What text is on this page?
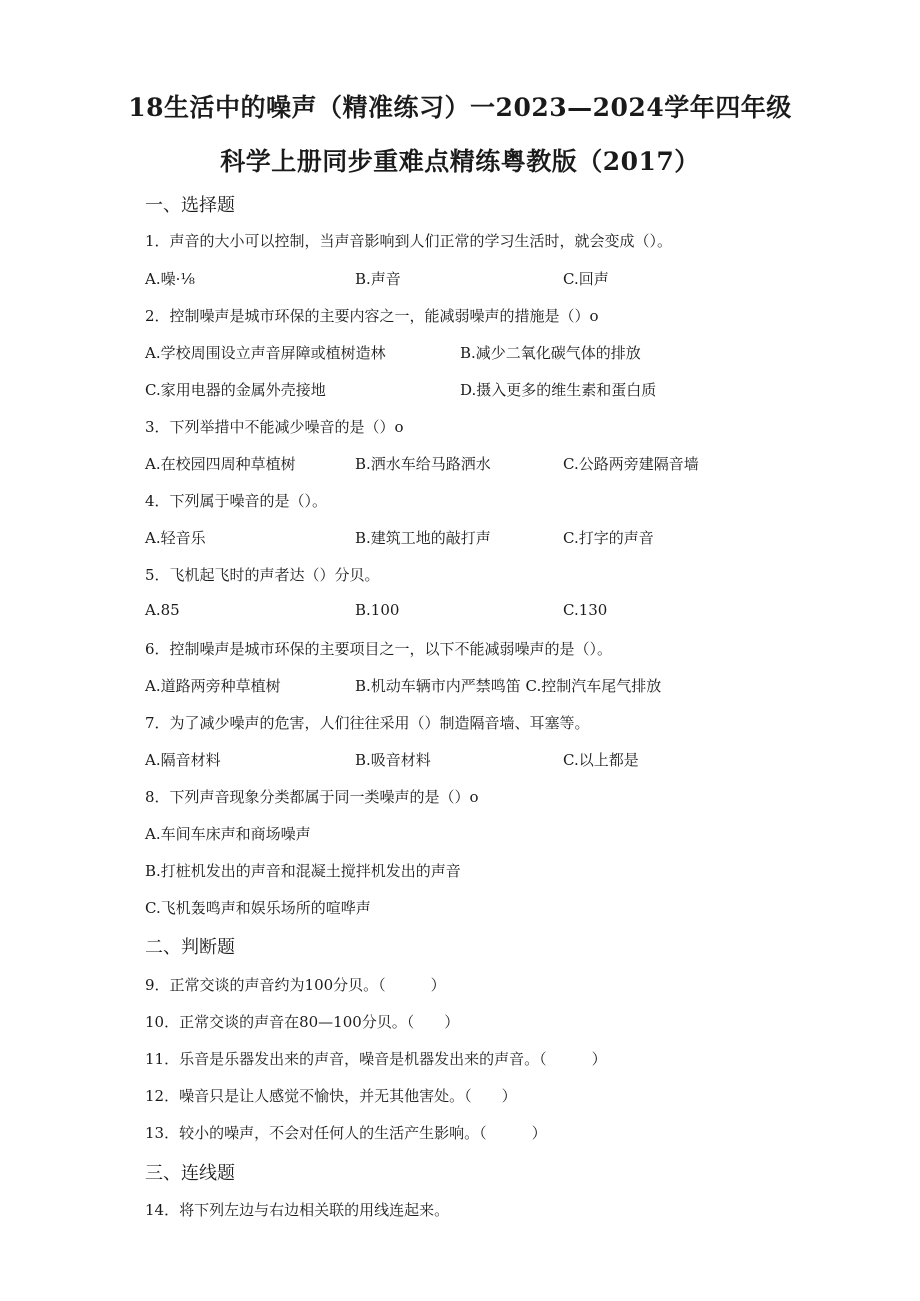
18生活中的噪声（精准练习）一2023—2024学年四年级
科学上册同步重难点精练粤教版（2017）
一、选择题
1．声音的大小可以控制，当声音影响到人们正常的学习生活时，就会变成（）。
A.噪·⅛	B.声音	C.回声
2．控制噪声是城市环保的主要内容之一，能减弱噪声的措施是（）o
A.学校周围设立声音屏障或植树造林	B.减少二氧化碳气体的排放
C.家用电器的金属外壳接地	D.摄入更多的维生素和蛋白质
3．下列举措中不能减少噪音的是（）o
A.在校园四周种草植树	B.洒水车给马路洒水	C.公路两旁建隔音墙
4．下列属于噪音的是（）。
A.轻音乐	B.建筑工地的敲打声	C.打字的声音
5．飞机起飞时的声者达（）分贝。
A.85	B.100	C.130
6．控制噪声是城市环保的主要项目之一，以下不能减弱噪声的是（）。
A.道路两旁种草植树	B.机动车辆市内严禁鸣笛 C.控制汽车尾气排放
7．为了减少噪声的危害，人们往往采用（）制造隔音墙、耳塞等。
A.隔音材料	B.吸音材料	C.以上都是
8．下列声音现象分类都属于同一类噪声的是（）o
A.车间车床声和商场噪声
B.打桩机发出的声音和混凝土搅拌机发出的声音
C.飞机轰鸣声和娱乐场所的喧哗声
二、判断题
9．正常交谈的声音约为100分贝。（　　　）
10．正常交谈的声音在80—100分贝。（　　）
11．乐音是乐器发出来的声音，噪音是机器发出来的声音。（　　　）
12．噪音只是让人感觉不愉快，并无其他害处。（　　）
13．较小的噪声，不会对任何人的生活产生影响。（　　　）
三、连线题
14．将下列左边与右边相关联的用线连起来。
